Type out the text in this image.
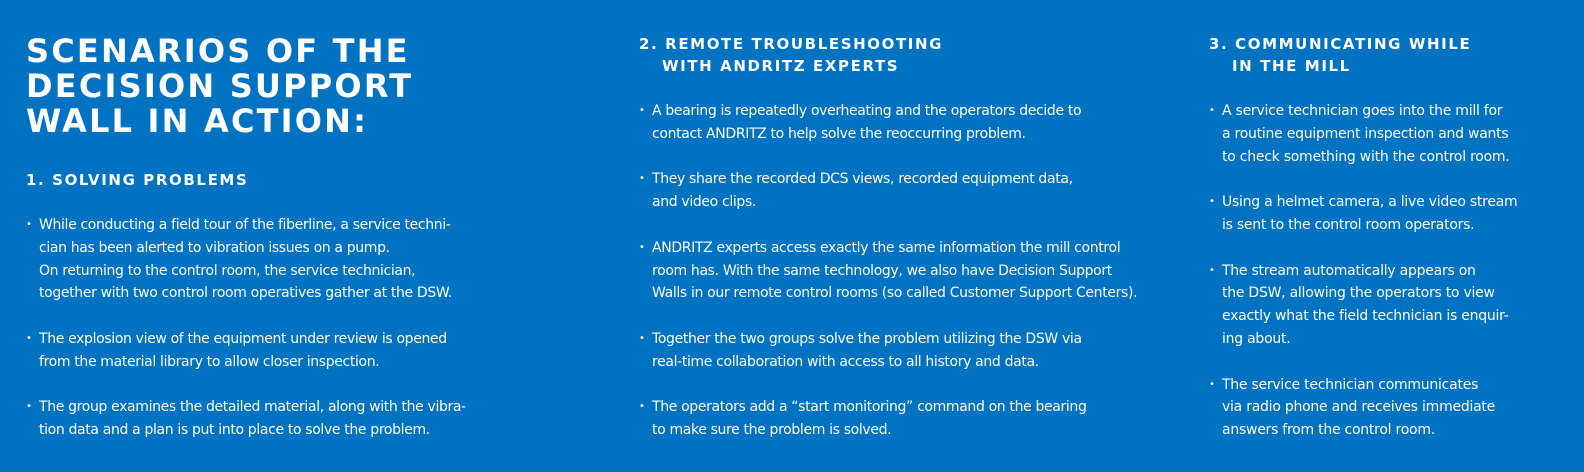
SCENARIOS OF THE
DECISION SUPPORT
WALL IN ACTION:
1. SOLVING PROBLEMS
• While conducting a field tour of the fiberline, a service techni-
cian has been alerted to vibration issues on a pump.
On returning to the control room, the service technician,
together with two control room operatives gather at the DSW.
• The explosion view of the equipment under review is opened
from the material library to allow closer inspection.
• The group examines the detailed material, along with the vibra-
tion data and a plan is put into place to solve the problem.
2. REMOTE TROUBLESHOOTING
WITH ANDRITZ EXPERTS
• A bearing is repeatedly overheating and the operators decide to
contact ANDRITZ to help solve the reoccurring problem.
• They share the recorded DCS views, recorded equipment data,
and video clips.
• ANDRITZ experts access exactly the same information the mill control
room has. With the same technology, we also have Decision Support
Walls in our remote control rooms (so called Customer Support Centers).
• Together the two groups solve the problem utilizing the DSW via
real-time collaboration with access to all history and data.
• The operators add a “start monitoring” command on the bearing
to make sure the problem is solved.
3. COMMUNICATING WHILE
IN THE MILL
• A service technician goes into the mill for
a routine equipment inspection and wants
to check something with the control room.
• Using a helmet camera, a live video stream
is sent to the control room operators.
• The stream automatically appears on
the DSW, allowing the operators to view
exactly what the field technician is enquir-
ing about.
• The service technician communicates
via radio phone and receives immediate
answers from the control room.
